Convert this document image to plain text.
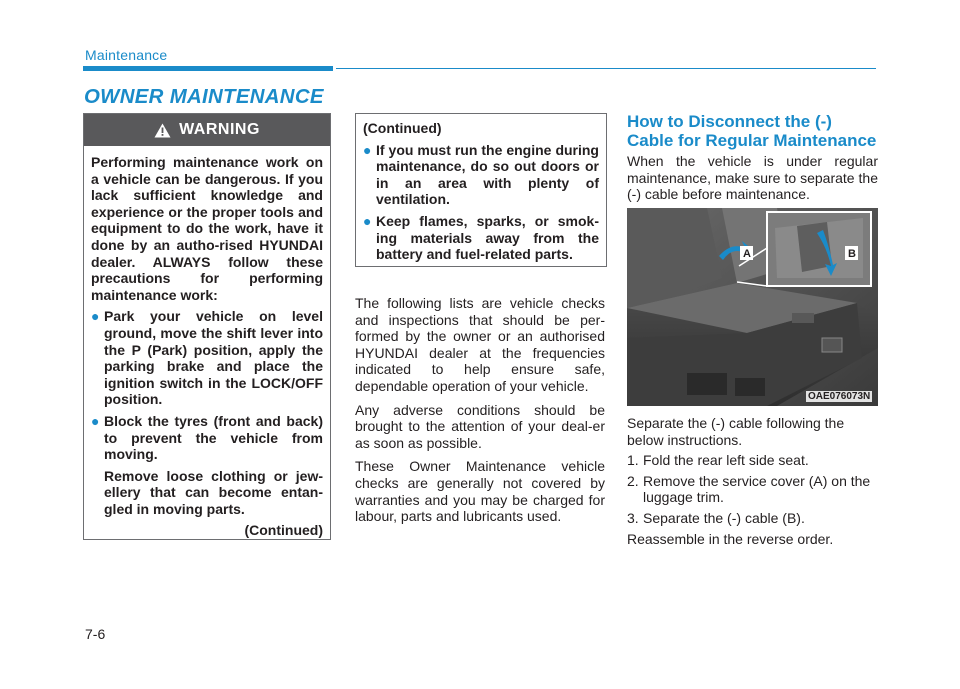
Maintenance
OWNER MAINTENANCE
WARNING

Performing maintenance work on a vehicle can be dangerous. If you lack sufficient knowledge and experience or the proper tools and equipment to do the work, have it done by an autho-rised HYUNDAI dealer. ALWAYS follow these precautions for performing maintenance work:

● Park your vehicle on level ground, move the shift lever into the P (Park) position, apply the parking brake and place the ignition switch in the LOCK/OFF position.
● Block the tyres (front and back) to prevent the vehicle from moving.

Remove loose clothing or jew-ellery that can become entan-gled in moving parts.

(Continued)

(Continued)

● If you must run the engine during maintenance, do so out doors or in an area with plenty of ventilation.
● Keep flames, sparks, or smok-ing materials away from the battery and fuel-related parts.

The following lists are vehicle checks and inspections that should be per-formed by the owner or an authorised HYUNDAI dealer at the frequencies indicated to help ensure safe, dependable operation of your vehicle.

Any adverse conditions should be brought to the attention of your deal-er as soon as possible.

These Owner Maintenance vehicle checks are generally not covered by warranties and you may be charged for labour, parts and lubricants used.

How to Disconnect the (-) Cable for Regular Maintenance
When the vehicle is under regular maintenance, make sure to separate the (-) cable before maintenance.
A	B
OAE076073N

Separate the (-) cable following the below instructions.

1. Fold the rear left side seat.

2. Remove the service cover (A) on the luggage trim.

3. Separate the (-) cable (B).

Reassemble in the reverse order.

7-6
